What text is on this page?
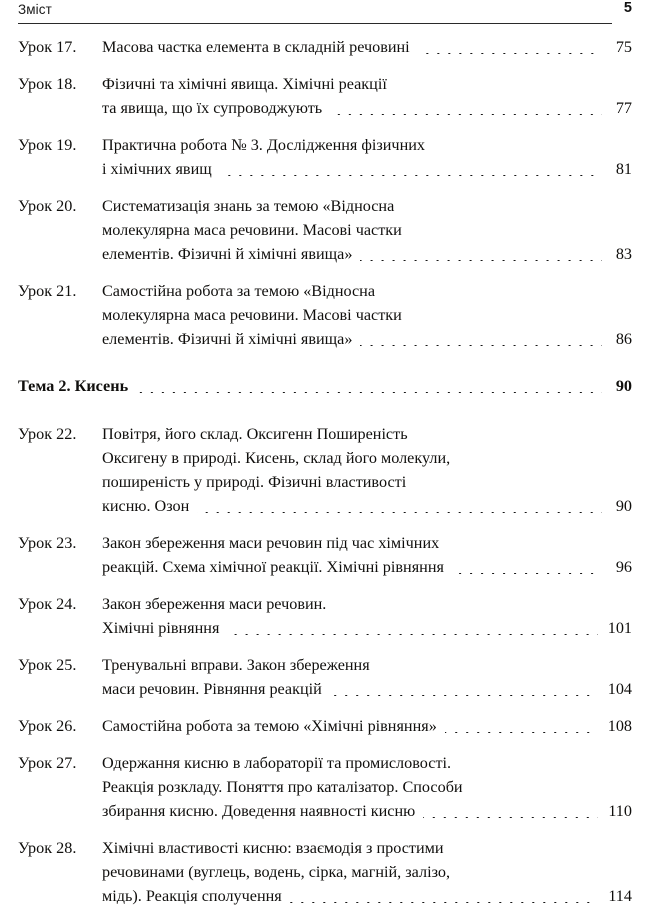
Зміст	5
Урок 17.	Масова частка елемента в складній речовині	75
Урок 18.	Фізичні та хімічні явища. Хімічні реакції
та явища, що їх супроводжують	77
Урок 19.	Практична робота № 3. Дослідження фізичних
і хімічних явищ	81
Урок 20.	Систематизація знань за темою «Відносна
молекулярна маса речовини. Масові частки
елементів. Фізичні й хімічні явища»	83
Урок 21.	Самостійна робота за темою «Відносна
молекулярна маса речовини. Масові частки
елементів. Фізичні й хімічні явища»	86
Тема 2. Кисень	90
Урок 22.	Повітря, його склад. Оксигенн Поширеність
Оксигену в природі. Кисень, склад його молекули,
поширеність у природі. Фізичні властивості
кисню. Озон	90
Урок 23.	Закон збереження маси речовин під час хімічних
реакцій. Схема хімічної реакції. Хімічні рівняння	96
Урок 24.	Закон збереження маси речовин.
Хімічні рівняння	101
Урок 25.	Тренувальні вправи. Закон збереження
маси речовин. Рівняння реакцій	104
Урок 26.	Самостійна робота за темою «Хімічні рівняння»	108
Урок 27.	Одержання кисню в лабораторії та промисловості.
Реакція розкладу. Поняття про каталізатор. Способи
збирання кисню. Доведення наявності кисню	110
Урок 28.	Хімічні властивості кисню: взаємодія з простими
речовинами (вуглець, водень, сірка, магній, залізо,
мідь). Реакція сполучення	114
